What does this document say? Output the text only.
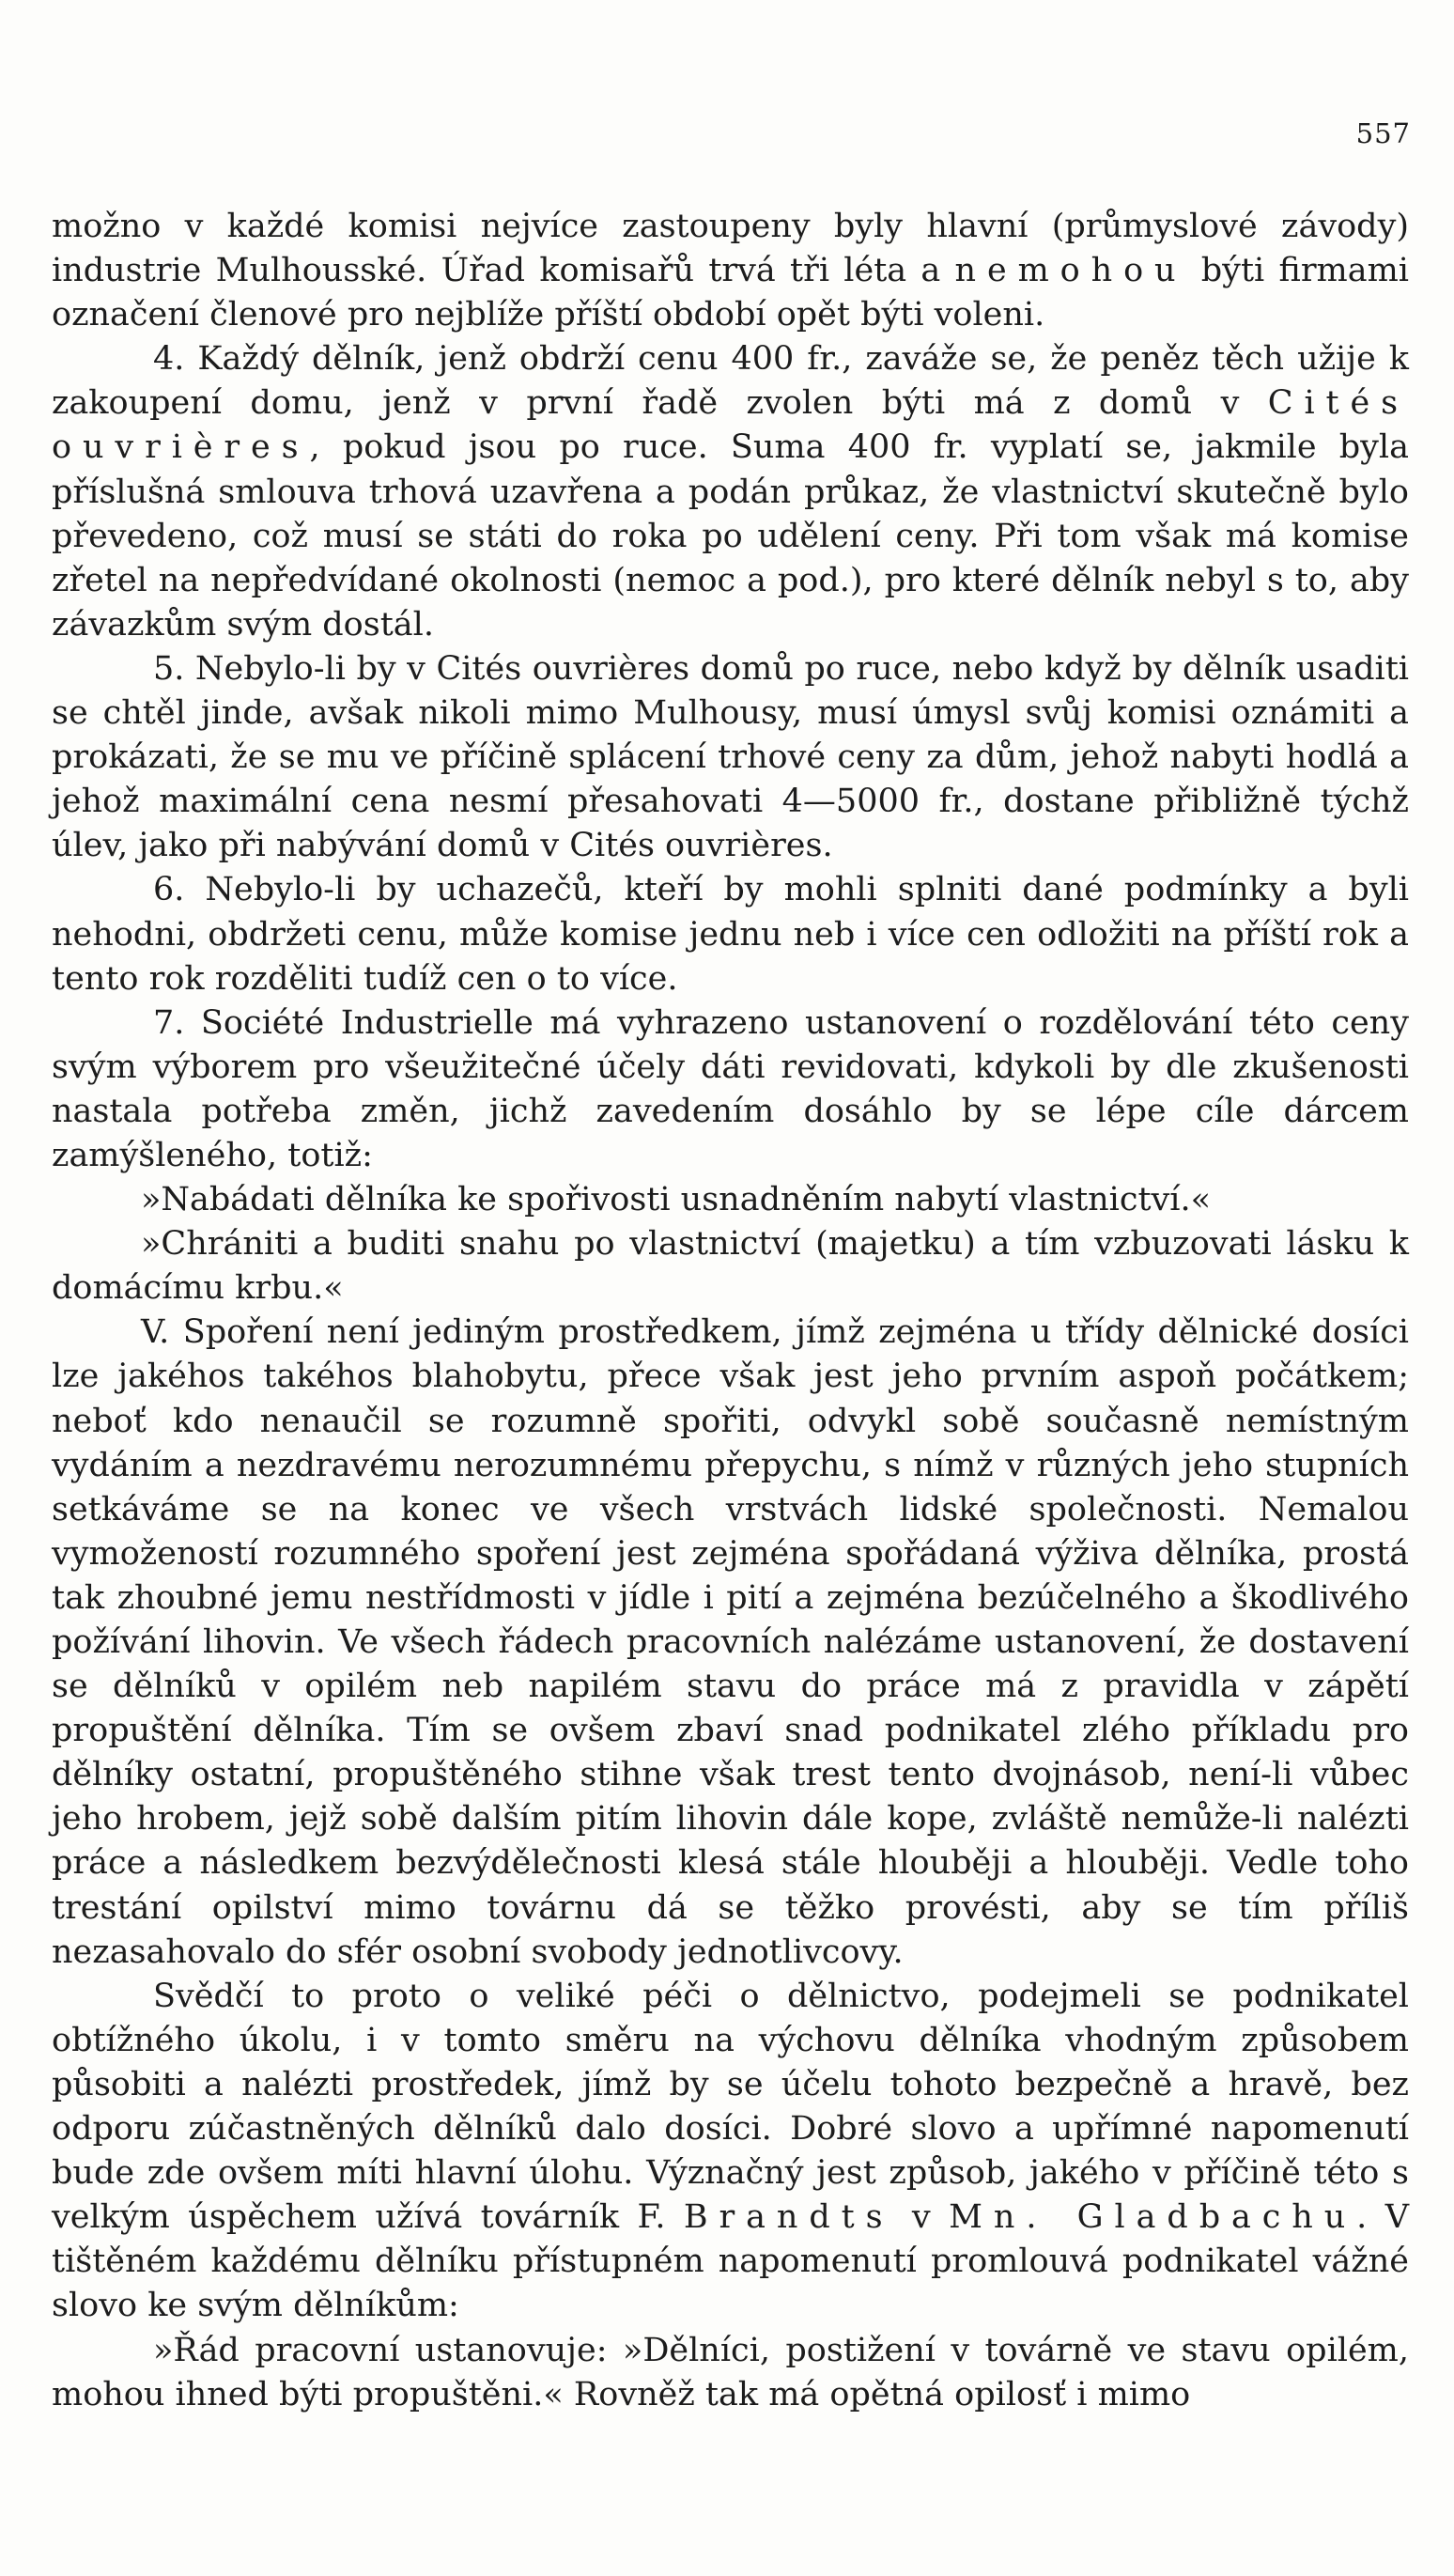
557

možno v každé komisi nejvíce zastoupeny byly hlavní (průmyslové závody) industrie Mulhousské. Úřad komisařů trvá tři léta a nemohou býti firmami označení členové pro nejblíže příští období opět býti voleni.

4. Každý dělník, jenž obdrží cenu 400 fr., zaváže se, že peněz těch užije k zakoupení domu, jenž v první řadě zvolen býti má z domů v Cités ouvrières, pokud jsou po ruce. Suma 400 fr. vyplatí se, jakmile byla příslušná smlouva trhová uzavřena a podán průkaz, že vlastnictví skutečně bylo převedeno, což musí se státi do roka po udělení ceny. Při tom však má komise zřetel na nepředvídané okolnosti (nemoc a pod.), pro které dělník nebyl s to, aby závazkům svým dostál.

5. Nebylo-li by v Cités ouvrières domů po ruce, nebo když by dělník usaditi se chtěl jinde, avšak nikoli mimo Mulhousy, musí úmysl svůj komisi oznámiti a prokázati, že se mu ve příčině splácení trhové ceny za dům, jehož nabyti hodlá a jehož maximální cena nesmí přesahovati 4—5000 fr., dostane přibližně týchž úlev, jako při nabývání domů v Cités ouvrières.

6. Nebylo-li by uchazečů, kteří by mohli splniti dané podmínky a byli nehodni, obdržeti cenu, může komise jednu neb i více cen odložiti na příští rok a tento rok rozděliti tudíž cen o to více.

7. Société Industrielle má vyhrazeno ustanovení o rozdělování této ceny svým výborem pro všeužitečné účely dáti revidovati, kdykoli by dle zkušenosti nastala potřeba změn, jichž zavedením dosáhlo by se lépe cíle dárcem zamýšleného, totiž:

»Nabádati dělníka ke spořivosti usnadněním nabytí vlastnictví.«

»Chrániti a buditi snahu po vlastnictví (majetku) a tím vzbuzovati lásku k domácímu krbu.«

V. Spoření není jediným prostředkem, jímž zejména u třídy dělnické dosíci lze jakéhos takéhos blahobytu, přece však jest jeho prvním aspoň počátkem; neboť kdo nenaučil se rozumně spořiti, odvykl sobě současně nemístným vydáním a nezdravému nerozumnému přepychu, s nímž v různých jeho stupních setkáváme se na konec ve všech vrstvách lidské společnosti. Nemalou vymožeností rozumného spoření jest zejména spořádaná výživa dělníka, prostá tak zhoubné jemu nestřídmosti v jídle i pití a zejména bezúčelného a škodlivého požívání lihovin. Ve všech řádech pracovních nalézáme ustanovení, že dostavení se dělníků v opilém neb napilém stavu do práce má z pravidla v zápětí propuštění dělníka. Tím se ovšem zbaví snad podnikatel zlého příkladu pro dělníky ostatní, propuštěného stihne však trest tento dvojnásob, není-li vůbec jeho hrobem, jejž sobě dalším pitím lihovin dále kope, zvláště nemůže-li nalézti práce a následkem bezvýdělečnosti klesá stále hlouběji a hlouběji. Vedle toho trestání opilství mimo továrnu dá se těžko provésti, aby se tím příliš nezasahovalo do sfér osobní svobody jednotlivcovy.

Svědčí to proto o veliké péči o dělnictvo, podejmeli se podnikatel obtížného úkolu, i v tomto směru na výchovu dělníka vhodným způsobem působiti a nalézti prostředek, jímž by se účelu tohoto bezpečně a hravě, bez odporu zúčastněných dělníků dalo dosíci. Dobré slovo a upřímné napomenutí bude zde ovšem míti hlavní úlohu. Význačný jest způsob, jakého v příčině této s velkým úspěchem užívá továrník F. Brandts v Mn. Gladbachu. V tištěném každému dělníku přístupném napomenutí promlouvá podnikatel vážné slovo ke svým dělníkům:

»Řád pracovní ustanovuje: »Dělníci, postižení v továrně ve stavu opilém, mohou ihned býti propuštěni.« Rovněž tak má opětná opilosť i mimo
